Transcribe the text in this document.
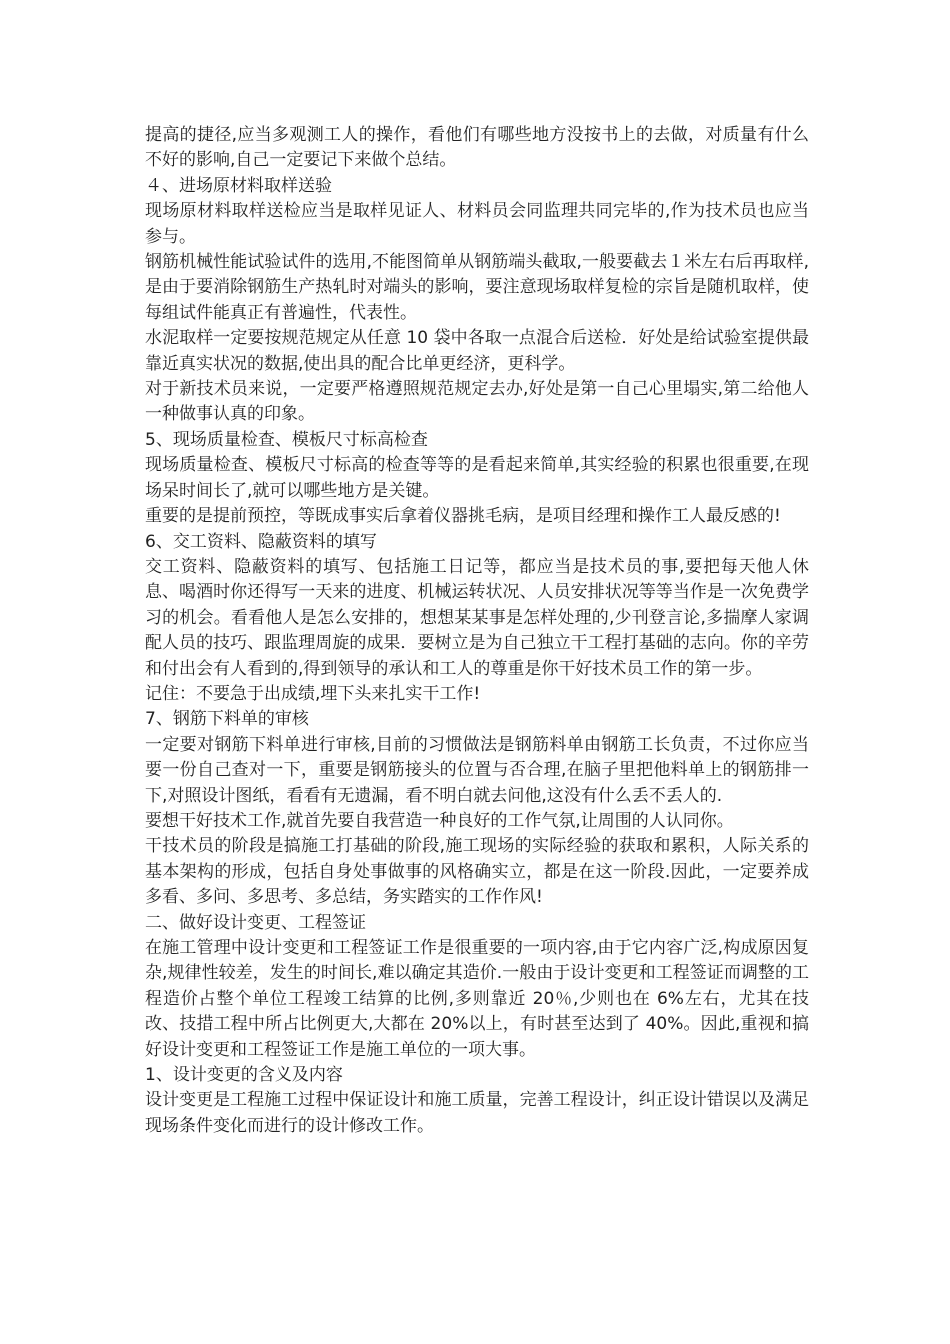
提高的捷径,应当多观测工人的操作，看他们有哪些地方没按书上的去做，对质量有什么不好的影响,自己一定要记下来做个总结。

４、进场原材料取样送验

现场原材料取样送检应当是取样见证人、材料员会同监理共同完毕的,作为技术员也应当参与。

钢筋机械性能试验试件的选用,不能图简单从钢筋端头截取,一般要截去１米左右后再取样,是由于要消除钢筋生产热轧时对端头的影响，要注意现场取样复检的宗旨是随机取样，使每组试件能真正有普遍性，代表性。

水泥取样一定要按规范规定从任意 10 袋中各取一点混合后送检．好处是给试验室提供最靠近真实状况的数据,使出具的配合比单更经济，更科学。

对于新技术员来说，一定要严格遵照规范规定去办,好处是第一自己心里塌实,第二给他人一种做事认真的印象。

5、现场质量检查、模板尺寸标高检查

现场质量检查、模板尺寸标高的检查等等的是看起来简单,其实经验的积累也很重要,在现场呆时间长了,就可以哪些地方是关键。

重要的是提前预控，等既成事实后拿着仪器挑毛病，是项目经理和操作工人最反感的!

6、交工资料、隐蔽资料的填写

交工资料、隐蔽资料的填写、包括施工日记等，都应当是技术员的事,要把每天他人休息、喝酒时你还得写一天来的进度、机械运转状况、人员安排状况等等当作是一次免费学习的机会。看看他人是怎么安排的，想想某某事是怎样处理的,少刊登言论,多揣摩人家调配人员的技巧、跟监理周旋的成果．要树立是为自己独立干工程打基础的志向。你的辛劳和付出会有人看到的,得到领导的承认和工人的尊重是你干好技术员工作的第一步。

记住：不要急于出成绩,埋下头来扎实干工作!

7、钢筋下料单的审核

一定要对钢筋下料单进行审核,目前的习惯做法是钢筋料单由钢筋工长负责，不过你应当要一份自己查对一下，重要是钢筋接头的位置与否合理,在脑子里把他料单上的钢筋排一下,对照设计图纸，看看有无遗漏，看不明白就去问他,这没有什么丢不丢人的.

要想干好技术工作,就首先要自我营造一种良好的工作气氛,让周围的人认同你。

干技术员的阶段是搞施工打基础的阶段,施工现场的实际经验的获取和累积，人际关系的基本架构的形成，包括自身处事做事的风格确实立，都是在这一阶段.因此，一定要养成多看、多问、多思考、多总结，务实踏实的工作作风!

二、做好设计变更、工程签证

在施工管理中设计变更和工程签证工作是很重要的一项内容,由于它内容广泛,构成原因复杂,规律性较差，发生的时间长,难以确定其造价.一般由于设计变更和工程签证而调整的工程造价占整个单位工程竣工结算的比例,多则靠近 20％,少则也在 6%左右，尤其在技改、技措工程中所占比例更大,大都在 20%以上，有时甚至达到了 40%。因此,重视和搞好设计变更和工程签证工作是施工单位的一项大事。

1、设计变更的含义及内容

设计变更是工程施工过程中保证设计和施工质量，完善工程设计，纠正设计错误以及满足现场条件变化而进行的设计修改工作。
